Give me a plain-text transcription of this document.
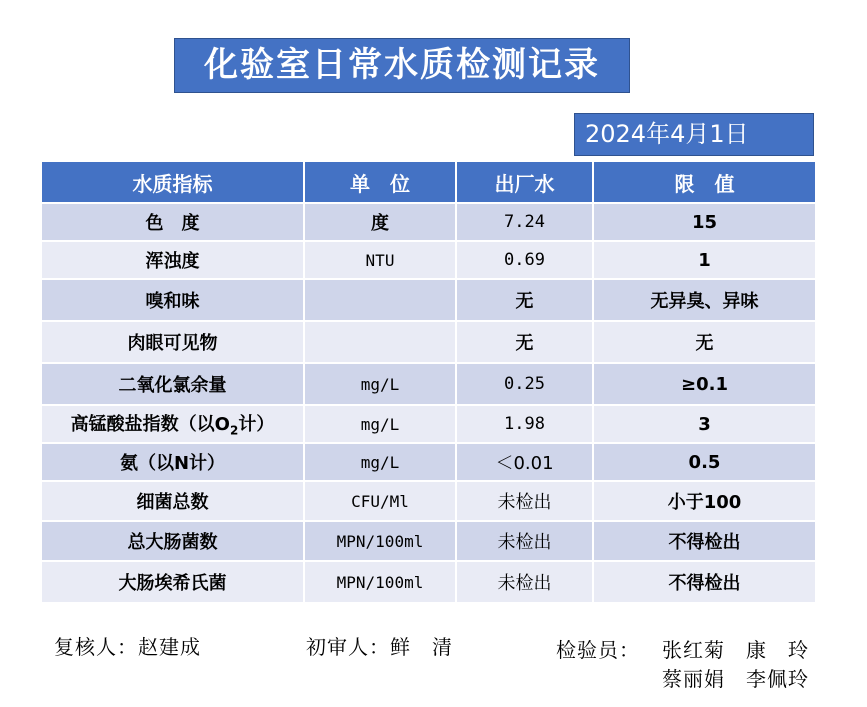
化验室日常水质检测记录
2024年4月1日
水质指标	单　位	出厂水	限　值
色　度	度	7.24	15
浑浊度	NTU	0.69	1
嗅和味		无	无异臭、异味
肉眼可见物		无	无
二氧化氯余量	mg/L	0.25	≥0.1
高锰酸盐指数（以$O_2$计）	mg/L	1.98	3
氨（以N计）	mg/L	＜0.01	0.5
细菌总数	CFU/Ml	未检出	小于100
总大肠菌数	MPN/100ml	未检出	不得检出
大肠埃希氏菌	MPN/100ml	未检出	不得检出
复核人：赵建成	初审人：鲜　清	检验员： 张红菊　康　玲
蔡丽娟　李佩玲
